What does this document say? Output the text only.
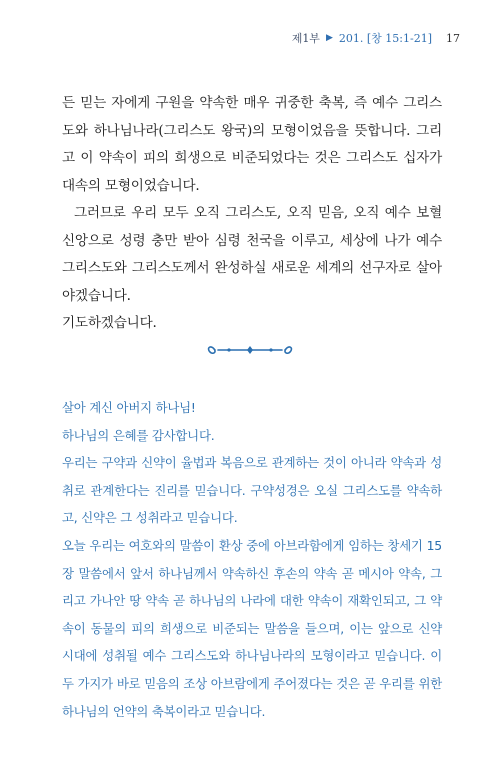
제1부 ▶ 201. [창 15:1-21] 17

든 믿는 자에게 구원을 약속한 매우 귀중한 축복, 즉 예수 그리스도와 하나님나라(그리스도 왕국)의 모형이었음을 뜻합니다. 그리고 이 약속이 피의 희생으로 비준되었다는 것은 그리스도 십자가 대속의 모형이었습니다.

그러므로 우리 모두 오직 그리스도, 오직 믿음, 오직 예수 보혈 신앙으로 성령 충만 받아 심령 천국을 이루고, 세상에 나가 예수 그리스도와 그리스도께서 완성하실 새로운 세계의 선구자로 살아야겠습니다.

기도하겠습니다.

살아 계신 아버지 하나님!

하나님의 은혜를 감사합니다.

우리는 구약과 신약이 율법과 복음으로 관계하는 것이 아니라 약속과 성취로 관계한다는 진리를 믿습니다. 구약성경은 오실 그리스도를 약속하고, 신약은 그 성취라고 믿습니다.

오늘 우리는 여호와의 말씀이 환상 중에 아브라함에게 임하는 창세기 15장 말씀에서 앞서 하나님께서 약속하신 후손의 약속 곧 메시아 약속, 그리고 가나안 땅 약속 곧 하나님의 나라에 대한 약속이 재확인되고, 그 약속이 동물의 피의 희생으로 비준되는 말씀을 들으며, 이는 앞으로 신약 시대에 성취될 예수 그리스도와 하나님나라의 모형이라고 믿습니다. 이 두 가지가 바로 믿음의 조상 아브람에게 주어졌다는 것은 곧 우리를 위한 하나님의 언약의 축복이라고 믿습니다.
